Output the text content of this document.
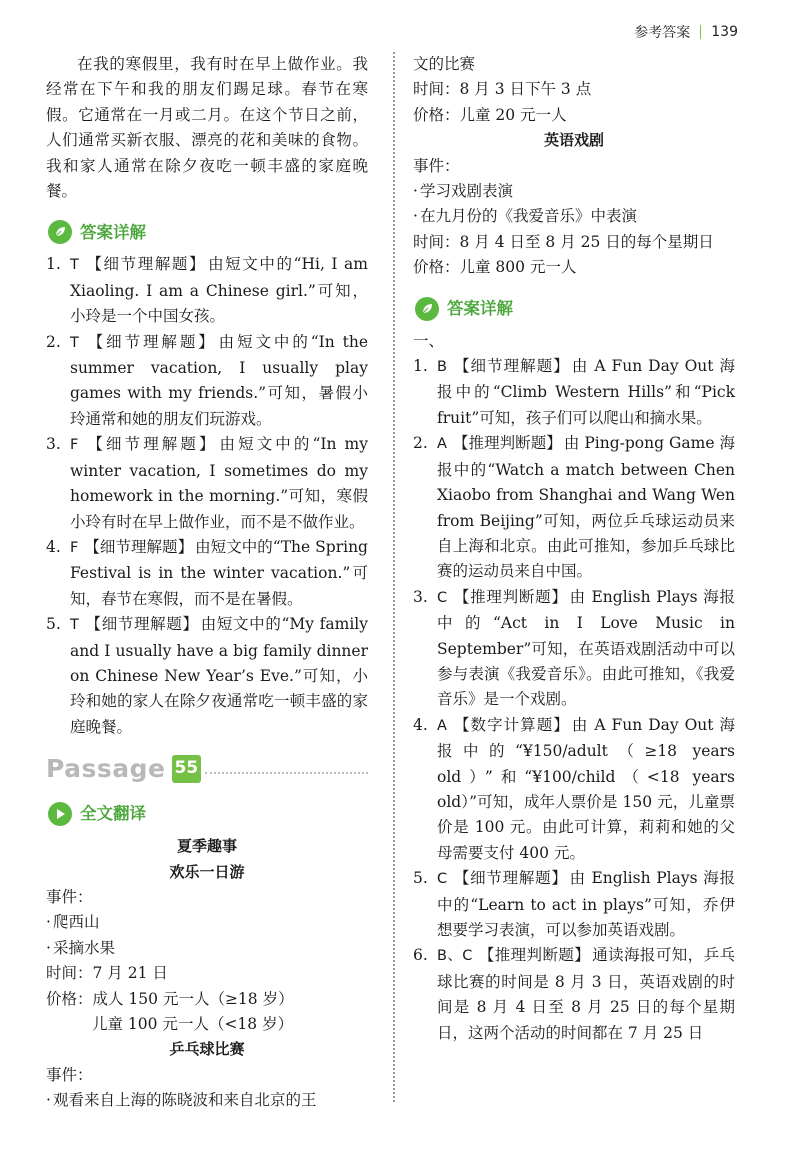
参考答案 139

在我的寒假里，我有时在早上做作业。我经常在下午和我的朋友们踢足球。春节在寒假。它通常在一月或二月。在这个节日之前，人们通常买新衣服、漂亮的花和美味的食物。我和家人通常在除夕夜吃一顿丰盛的家庭晚餐。

答案详解
1. T 【细节理解题】 由短文中的“Hi, I am Xiaoling. I am a Chinese girl.”可知，小玲是一个中国女孩。
2. T 【细节理解题】 由短文中的“In the summer vacation, I usually play games with my friends.”可知，暑假小玲通常和她的朋友们玩游戏。
3. F 【细节理解题】 由短文中的“In my winter vacation, I sometimes do my homework in the morning.”可知，寒假小玲有时在早上做作业，而不是不做作业。
4. F 【细节理解题】 由短文中的“The Spring Festival is in the winter vacation.”可知，春节在寒假，而不是在暑假。
5. T 【细节理解题】 由短文中的“My family and I usually have a big family dinner on Chinese New Year’s Eve.”可知，小玲和她的家人在除夕夜通常吃一顿丰盛的家庭晚餐。
Passage 55
全文翻译

夏季趣事

欢乐一日游

事件：

· 爬西山

· 采摘水果

时间：7 月 21 日

价格：成人 150 元一人（≥18 岁）

儿童 100 元一人（<18 岁）

乒乓球比赛

事件：

· 观看来自上海的陈晓波和来自北京的王

文的比赛

时间：8 月 3 日下午 3 点

价格：儿童 20 元一人

英语戏剧

事件：

· 学习戏剧表演

· 在九月份的《我爱音乐》中表演

时间：8 月 4 日至 8 月 25 日的每个星期日

价格：儿童 800 元一人

答案详解

一、

1. B 【细节理解题】 由 A Fun Day Out 海报中的“Climb Western Hills”和“Pick fruit”可知，孩子们可以爬山和摘水果。
2. A 【推理判断题】 由 Ping-pong Game 海报中的“Watch a match between Chen Xiaobo from Shanghai and Wang Wen from Beijing”可知，两位乒乓球运动员来自上海和北京。由此可推知，参加乒乓球比赛的运动员来自中国。
3. C 【推理判断题】 由 English Plays 海报中的“Act in I Love Music in September”可知，在英语戏剧活动中可以参与表演《我爱音乐》。由此可推知，《我爱音乐》是一个戏剧。
4. A 【数字计算题】 由 A Fun Day Out 海报中的“¥150/adult（≥18 years old）”和“¥100/child（<18 years old）”可知，成年人票价是 150 元，儿童票价是 100 元。由此可计算，莉莉和她的父母需要支付 400 元。
5. C 【细节理解题】 由 English Plays 海报中的“Learn to act in plays”可知，乔伊想要学习表演，可以参加英语戏剧。
6. B、C 【推理判断题】 通读海报可知，乒乓球比赛的时间是 8 月 3 日，英语戏剧的时间是 8 月 4 日至 8 月 25 日的每个星期日，这两个活动的时间都在 7 月 25 日
